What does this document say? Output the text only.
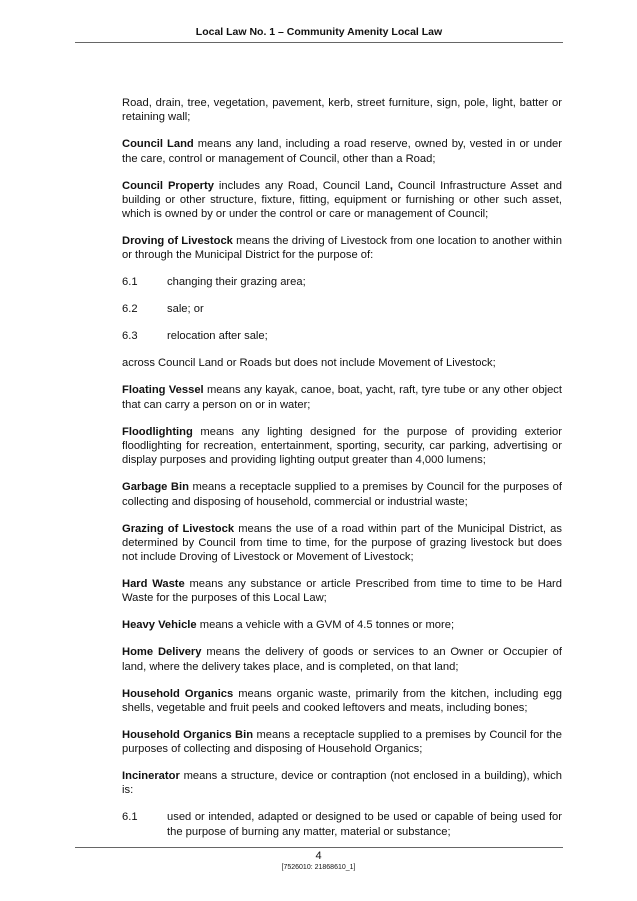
Local Law No. 1 – Community Amenity Local Law

Road, drain, tree, vegetation, pavement, kerb, street furniture, sign, pole, light, batter or retaining wall;

Council Land means any land, including a road reserve, owned by, vested in or under the care, control or management of Council, other than a Road;

Council Property includes any Road, Council Land, Council Infrastructure Asset and building or other structure, fixture, fitting, equipment or furnishing or other such asset, which is owned by or under the control or care or management of Council;

Droving of Livestock means the driving of Livestock from one location to another within or through the Municipal District for the purpose of:

6.1	changing their grazing area;
6.2	sale; or
6.3	relocation after sale;

across Council Land or Roads but does not include Movement of Livestock;

Floating Vessel means any kayak, canoe, boat, yacht, raft, tyre tube or any other object that can carry a person on or in water;

Floodlighting means any lighting designed for the purpose of providing exterior floodlighting for recreation, entertainment, sporting, security, car parking, advertising or display purposes and providing lighting output greater than 4,000 lumens;

Garbage Bin means a receptacle supplied to a premises by Council for the purposes of collecting and disposing of household, commercial or industrial waste;

Grazing of Livestock means the use of a road within part of the Municipal District, as determined by Council from time to time, for the purpose of grazing livestock but does not include Droving of Livestock or Movement of Livestock;

Hard Waste means any substance or article Prescribed from time to time to be Hard Waste for the purposes of this Local Law;

Heavy Vehicle means a vehicle with a GVM of 4.5 tonnes or more;

Home Delivery means the delivery of goods or services to an Owner or Occupier of land, where the delivery takes place, and is completed, on that land;

Household Organics means organic waste, primarily from the kitchen, including egg shells, vegetable and fruit peels and cooked leftovers and meats, including bones;

Household Organics Bin means a receptacle supplied to a premises by Council for the purposes of collecting and disposing of Household Organics;

Incinerator means a structure, device or contraption (not enclosed in a building), which is:

6.1	used or intended, adapted or designed to be used or capable of being used for the purpose of burning any matter, material or substance;
4
[7526010: 21868610_1]
